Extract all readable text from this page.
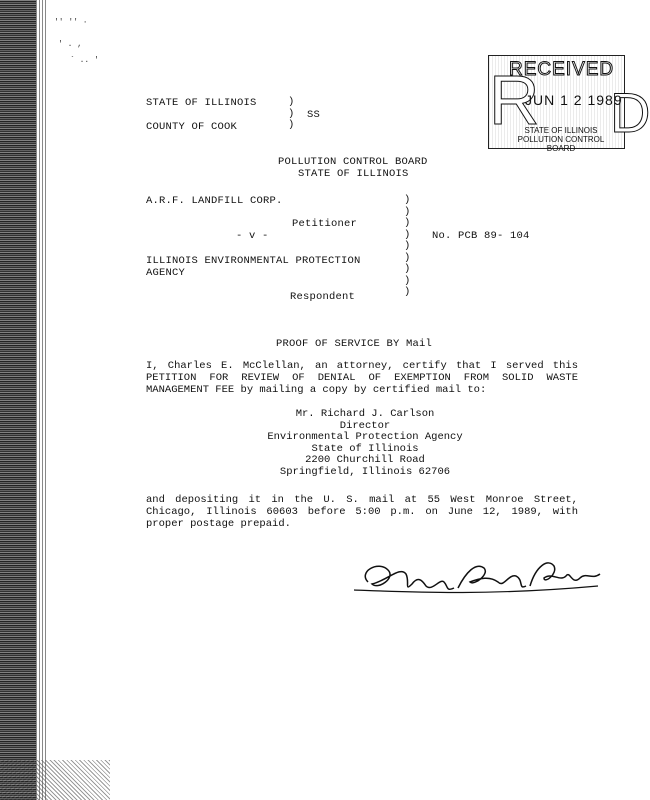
'' '' ·
' . ,
` .. '
R
RECEIVED
D
JUN 1 2 1989
STATE OF ILLINOIS
POLLUTION CONTROL BOARD
STATE OF ILLINOIS	)
)
)
SS
COUNTY OF COOK
POLLUTION CONTROL BOARD
STATE OF ILLINOIS
A.R.F. LANDFILL CORP.	)
)
)
)
)
)
)
)
)
Petitioner
- v -	No. PCB 89- 104
ILLINOIS ENVIRONMENTAL PROTECTION
AGENCY
Respondent
PROOF OF SERVICE BY Mail
I, Charles E. McClellan, an attorney, certify that I served this PETITION FOR REVIEW OF DENIAL OF EXEMPTION FROM SOLID WASTE MANAGEMENT FEE by mailing a copy by certified mail to:
Mr. Richard J. Carlson
Director
Environmental Protection Agency
State of Illinois
2200 Churchill Road
Springfield, Illinois 62706
and depositing it in the U. S. mail at 55 West Monroe Street, Chicago, Illinois 60603 before 5:00 p.m. on June 12, 1989, with proper postage prepaid.
